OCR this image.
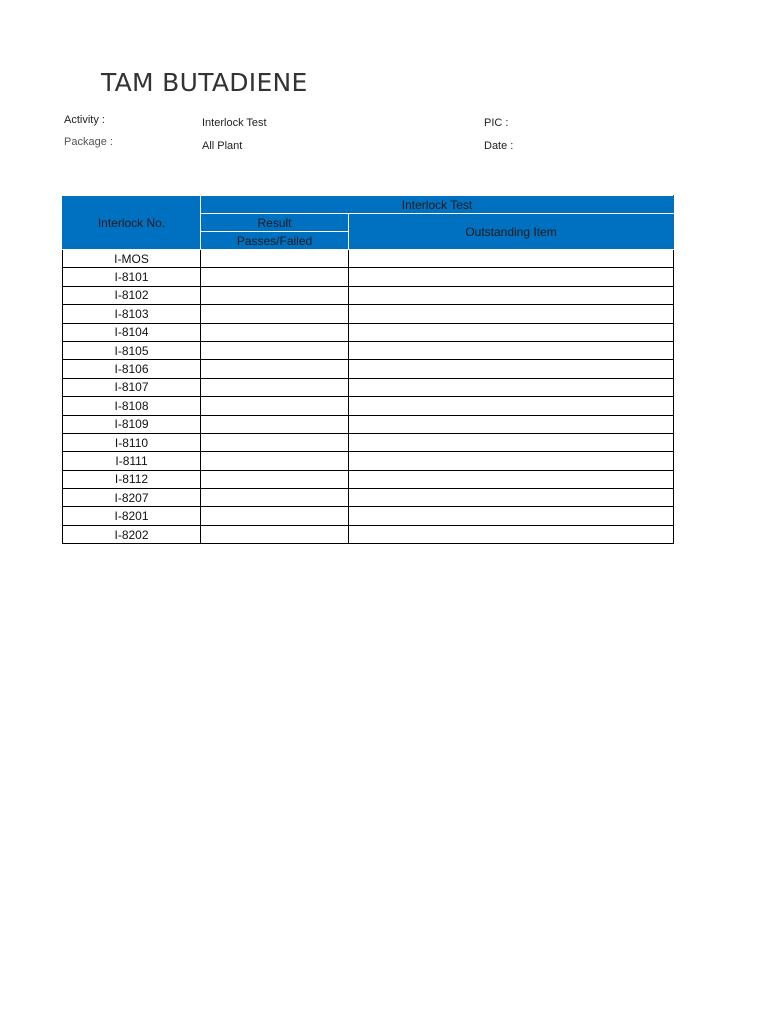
TAM BUTADIENE
Activity :	Interlock Test
Package :	All Plant
PIC :
Date :
Interlock No.	Interlock Test	
	Result	Outstanding Item
	Passes/Failed	
I-MOS		
I-8101		
I-8102		
I-8103		
I-8104		
I-8105		
I-8106		
I-8107		
I-8108		
I-8109		
I-8110		
I-8111		
I-8112		
I-8207		
I-8201		
I-8202		
